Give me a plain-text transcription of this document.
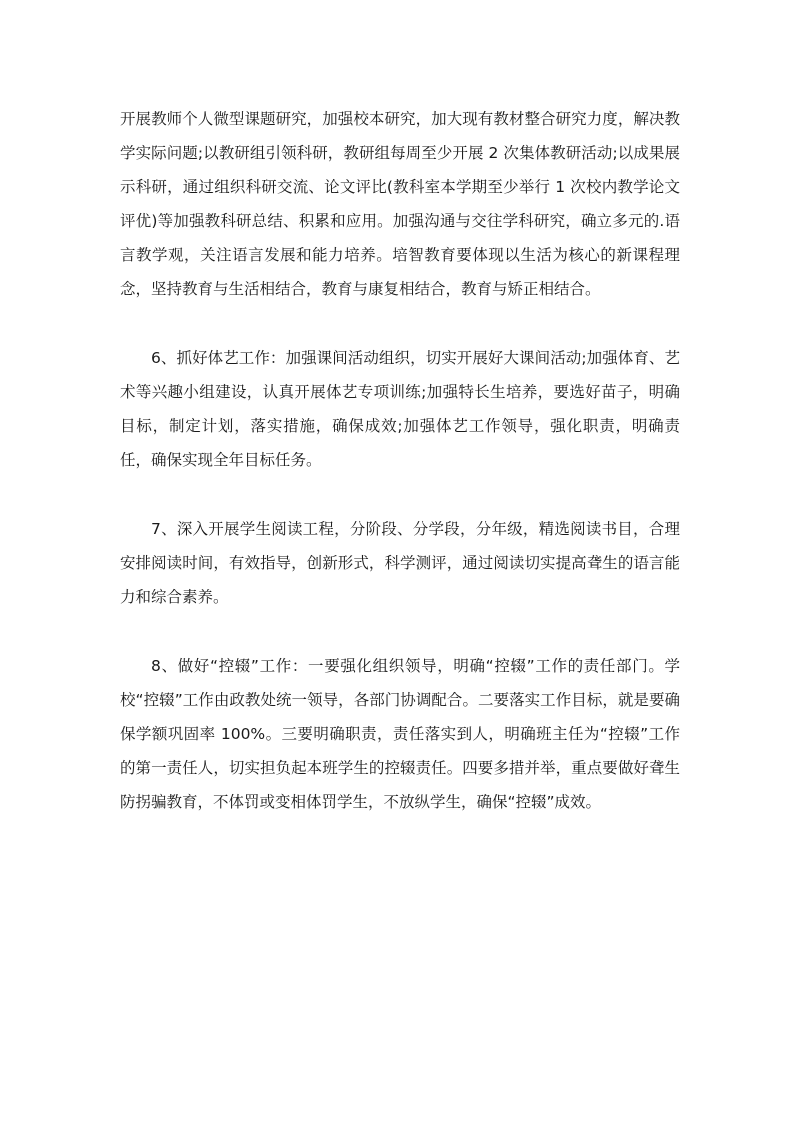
开展教师个人微型课题研究，加强校本研究，加大现有教材整合研究力度，解决教学实际问题;以教研组引领科研，教研组每周至少开展 2 次集体教研活动;以成果展示科研，通过组织科研交流、论文评比(教科室本学期至少举行 1 次校内教学论文评优)等加强教科研总结、积累和应用。加强沟通与交往学科研究，确立多元的.语言教学观，关注语言发展和能力培养。培智教育要体现以生活为核心的新课程理念，坚持教育与生活相结合，教育与康复相结合，教育与矫正相结合。

6、抓好体艺工作：加强课间活动组织，切实开展好大课间活动;加强体育、艺术等兴趣小组建设，认真开展体艺专项训练;加强特长生培养，要选好苗子，明确目标，制定计划，落实措施，确保成效;加强体艺工作领导，强化职责，明确责任，确保实现全年目标任务。

7、深入开展学生阅读工程，分阶段、分学段，分年级，精选阅读书目，合理安排阅读时间，有效指导，创新形式，科学测评，通过阅读切实提高聋生的语言能力和综合素养。

8、做好“控辍”工作：一要强化组织领导，明确“控辍”工作的责任部门。学校“控辍”工作由政教处统一领导，各部门协调配合。二要落实工作目标，就是要确保学额巩固率 100%。三要明确职责，责任落实到人，明确班主任为“控辍”工作的第一责任人，切实担负起本班学生的控辍责任。四要多措并举，重点要做好聋生防拐骗教育，不体罚或变相体罚学生，不放纵学生，确保“控辍”成效。
